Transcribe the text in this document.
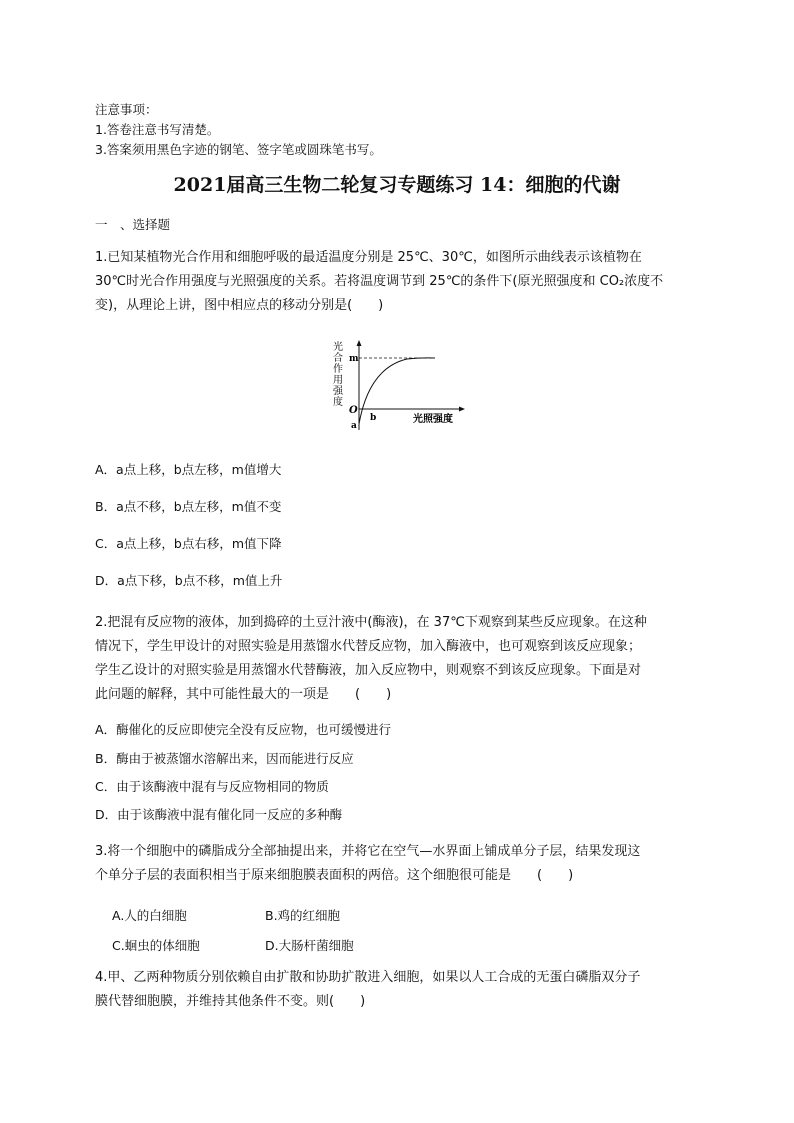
注意事项：
1.答卷注意书写清楚。
3.答案须用黑色字迹的钢笔、签字笔或圆珠笔书写。
2021届高三生物二轮复习专题练习 14：细胞的代谢
一　、选择题
1.已知某植物光合作用和细胞呼吸的最适温度分别是 25℃、30℃，如图所示曲线表示该植物在
30℃时光合作用强度与光照强度的关系。若将温度调节到 25℃的条件下(原光照强度和 CO₂浓度不
变)，从理论上讲，图中相应点的移动分别是(　　)
光
合
作
用
强
度
m
O
a
b	光照强度
A．a点上移，b点左移，m值增大
B．a点不移，b点左移，m值不变
C．a点上移，b点右移，m值下降
D．a点下移，b点不移，m值上升
2.把混有反应物的液体，加到捣碎的土豆汁液中(酶液)，在 37℃下观察到某些反应现象。在这种
情况下，学生甲设计的对照实验是用蒸馏水代替反应物，加入酶液中，也可观察到该反应现象；
学生乙设计的对照实验是用蒸馏水代替酶液，加入反应物中，则观察不到该反应现象。下面是对
此问题的解释，其中可能性最大的一项是　　(　　)
A．酶催化的反应即使完全没有反应物，也可缓慢进行
B．酶由于被蒸馏水溶解出来，因而能进行反应
C．由于该酶液中混有与反应物相同的物质
D．由于该酶液中混有催化同一反应的多种酶
3.将一个细胞中的磷脂成分全部抽提出来，并将它在空气—水界面上铺成单分子层，结果发现这
个单分子层的表面积相当于原来细胞膜表面积的两倍。这个细胞很可能是　　(　　)
A.人的白细胞	B.鸡的红细胞
C.蛔虫的体细胞	D.大肠杆菌细胞
4.甲、乙两种物质分别依赖自由扩散和协助扩散进入细胞，如果以人工合成的无蛋白磷脂双分子
膜代替细胞膜，并维持其他条件不变。则(　　)
